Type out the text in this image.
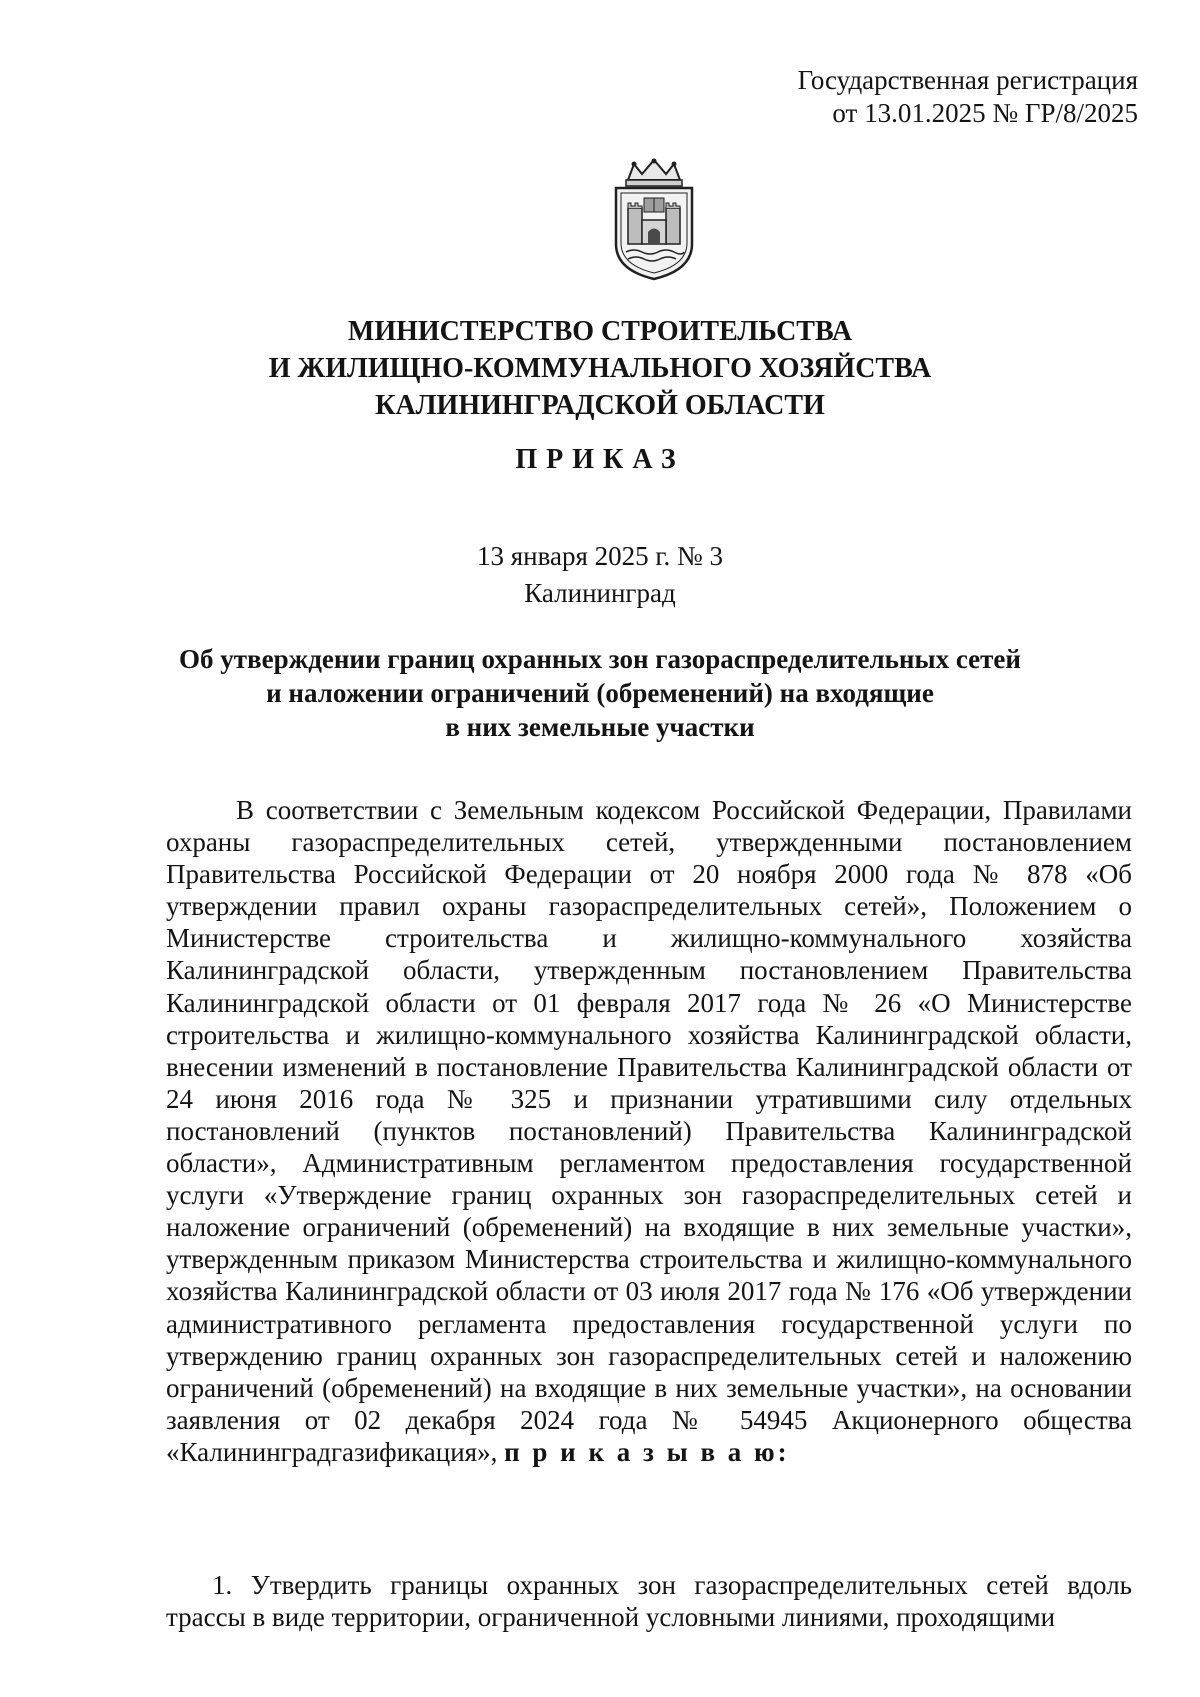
Государственная регистрация
от 13.01.2025 № ГР/8/2025
МИНИСТЕРСТВО СТРОИТЕЛЬСТВА
И ЖИЛИЩНО-КОММУНАЛЬНОГО ХОЗЯЙСТВА
КАЛИНИНГРАДСКОЙ ОБЛАСТИ
ПРИКАЗ
13 января 2025 г. № 3
Калининград
Об утверждении границ охранных зон газораспределительных сетей
и наложении ограничений (обременений) на входящие
в них земельные участки

В соответствии с Земельным кодексом Российской Федерации, Правилами охраны газораспределительных сетей, утвержденными постановлением Правительства Российской Федерации от 20 ноября 2000 года № 878 «Об утверждении правил охраны газораспределительных сетей», Положением о Министерстве строительства и жилищно-коммунального хозяйства Калининградской области, утвержденным постановлением Правительства Калининградской области от 01 февраля 2017 года № 26 «О Министерстве строительства и жилищно-коммунального хозяйства Калининградской области, внесении изменений в постановление Правительства Калининградской области от 24 июня 2016 года № 325 и признании утратившими силу отдельных постановлений (пунктов постановлений) Правительства Калининградской области», Административным регламентом предоставления государственной услуги «Утверждение границ охранных зон газораспределительных сетей и наложение ограничений (обременений) на входящие в них земельные участки», утвержденным приказом Министерства строительства и жилищно-коммунального хозяйства Калининградской области от 03 июля 2017 года № 176 «Об утверждении административного регламента предоставления государственной услуги по утверждению границ охранных зон газораспределительных сетей и наложению ограничений (обременений) на входящие в них земельные участки», на основании заявления от 02 декабря 2024 года № 54945 Акционерного общества «Калининградгазификация», п р и к а з ы в а ю:

1. Утвердить границы охранных зон газораспределительных сетей вдоль трассы в виде территории, ограниченной условными линиями, проходящими
